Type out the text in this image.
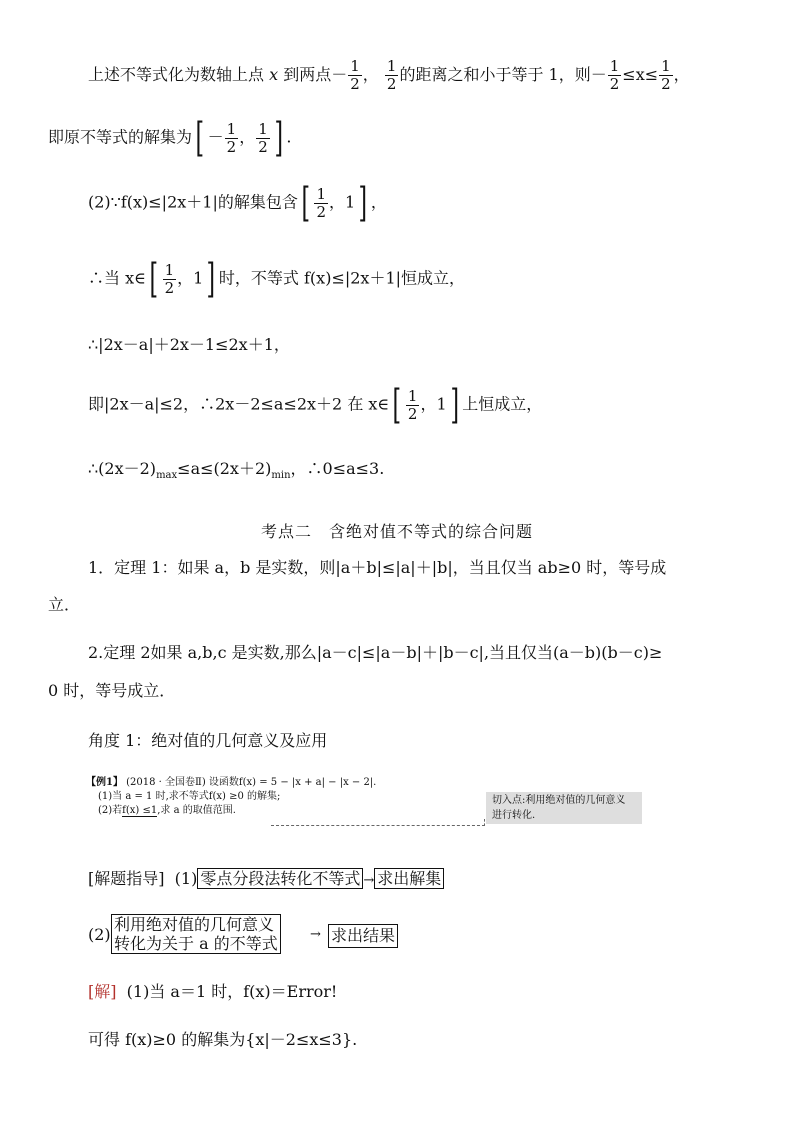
上述不等式化为数轴上点 x 到两点－ $\frac{1}{2}$ ， $\frac{1}{2}$ 的距离之和小于等于 1，则－ $\frac{1}{2} \le x\le \frac{1}{2}$ ，
即原不等式的解集为[ － $\frac{1}{2}$ ， $\frac{1}{2}$ ] .
(2)∵f(x)≤|2x＋1|的解集包含[ $\frac{1}{2}$ ，1] ，
∴当 x∈[ $\frac{1}{2}$ ，1] 时，不等式 f(x)≤|2x＋1|恒成立，
∴|2x－a|＋2x－1≤2x＋1，
即|2x－a|≤2，∴2x－2≤a≤2x＋2 在 x∈[ $\frac{1}{2}$ ，1] 上恒成立，
$\therefore(2x-2)_{max}\le a\le(2x+2)_{min}$，∴0≤a≤3.
考点二　含绝对值不等式的综合问题
1．定理 1：如果 a，b 是实数，则|a＋b|≤|a|＋|b|，当且仅当 ab≥0 时，等号成
立．
2.定理 2如果 a,b,c 是实数,那么|a－c|≤|a－b|＋|b－c|,当且仅当(a－b)(b－c)≥
0 时，等号成立．
角度 1：绝对值的几何意义及应用
【例1】 (2018 · 全国卷Ⅱ) 设函数f(x) = 5 − |x + a| − |x − 2|.
(1)当 a = 1 时,求不等式f(x) ≥0 的解集;
(2)若f(x) ≤1,求 a 的取值范围.
切入点:利用绝对值的几何意义
进行转化.
[解题指导] (1) 零点分段法转化不等式 → 求出解集
(2)
利用绝对值的几何意义
转化为关于 a 的不等式 → 求出结果
[解] (1)当 a＝1 时，f(x)＝Error!
可得 f(x)≥0 的解集为{x|－2≤x≤3}.
